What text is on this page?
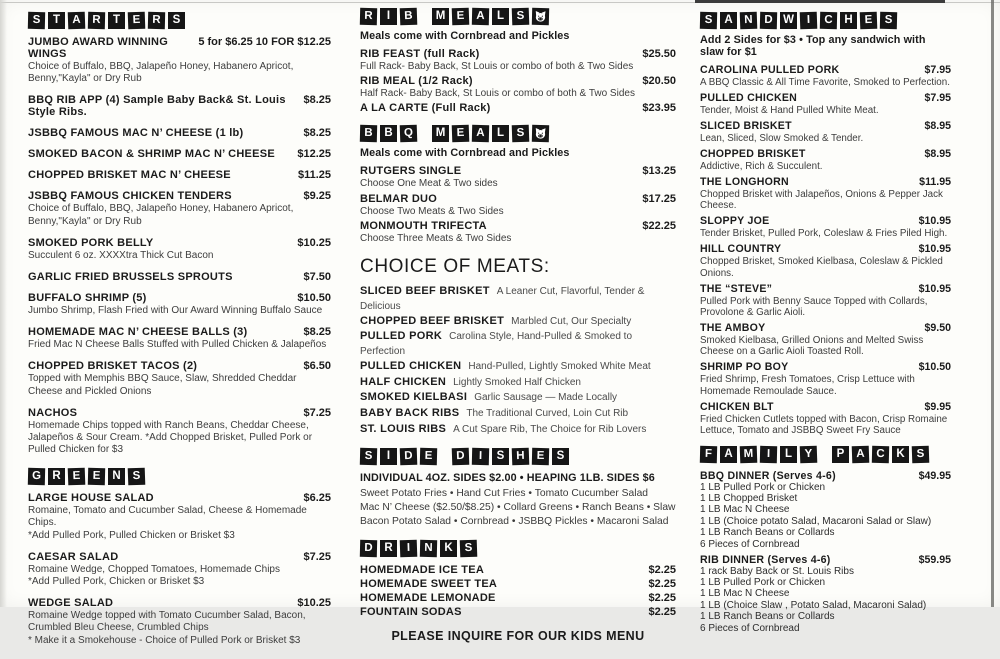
S	T	A R	T	E	R	S
JUMBO AWARD WINNING WINGS
5 for $6.25 10 FOR $12.25
Choice of Buffalo, BBQ, Jalapeño Honey, Habanero Apricot, Benny,"Kayla" or Dry Rub
BBQ RIB APP (4) Sample Baby Back& St. Louis Style Ribs.
$8.25
JSBBQ FAMOUS MAC N’ CHEESE (1 lb)	$8.25
SMOKED BACON & SHRIMP MAC N’ CHEESE $12.25
CHOPPED BRISKET MAC N’ CHEESE	$11.25
JSBBQ FAMOUS CHICKEN TENDERS	$9.25
Choice of Buffalo, BBQ, Jalapeño Honey, Habanero Apricot, Benny,"Kayla" or Dry Rub
SMOKED PORK BELLY	$10.25
Succulent 6 oz. XXXXtra Thick Cut Bacon
GARLIC FRIED BRUSSELS SPROUTS	$7.50
BUFFALO SHRIMP (5)	$10.50
Jumbo Shrimp, Flash Fried with Our Award Winning Buffalo Sauce
HOMEMADE MAC N’ CHEESE BALLS (3)	$8.25
Fried Mac N Cheese Balls Stuffed with Pulled Chicken & Jalapeños
CHOPPED BRISKET TACOS (2)	$6.50
Topped with Memphis BBQ Sauce, Slaw, Shredded Cheddar Cheese and Pickled Onions
NACHOS	$7.25
Homemade Chips topped with Ranch Beans, Cheddar Cheese, Jalapeños & Sour Cream. *Add Chopped Brisket, Pulled Pork or Pulled Chicken for $3
G R	E	E	N	S
LARGE HOUSE SALAD	$6.25
Romaine, Tomato and Cucumber Salad, Cheese & Homemade Chips.
*Add Pulled Pork, Pulled Chicken or Brisket $3
CAESAR SALAD	$7.25
Romaine Wedge, Chopped Tomatoes, Homemade Chips
*Add Pulled Pork, Chicken or Brisket $3
WEDGE SALAD	$10.25
Romaine Wedge topped with Tomato Cucumber Salad, Bacon, Crumbled Bleu Cheese, Crumbled Chips
* Make it a Smokehouse - Choice of Pulled Pork or Brisket $3
R	I	B	M E	A	L	S
Meals come with Cornbread and Pickles
RIB FEAST (full Rack)	$25.50
Full Rack- Baby Back, St Louis or combo of both & Two Sides
RIB MEAL (1/2 Rack)	$20.50
Half Rack- Baby Back, St Louis or combo of both & Two Sides
A LA CARTE (Full Rack)	$23.95
B	B Q	M E	A	L	S
Meals come with Cornbread and Pickles
RUTGERS SINGLE	$13.25
Choose One Meat & Two sides
BELMAR DUO	$17.25
Choose Two Meats & Two Sides
MONMOUTH TRIFECTA	$22.25
Choose Three Meats & Two Sides
CHOICE OF MEATS:
SLICED BEEF BRISKET A Leaner Cut, Flavorful, Tender & Delicious
CHOPPED BEEF BRISKET Marbled Cut, Our Specialty
PULLED PORK Carolina Style, Hand-Pulled & Smoked to Perfection
PULLED CHICKEN Hand-Pulled, Lightly Smoked White Meat
HALF CHICKEN Lightly Smoked Half Chicken
SMOKED KIELBASI Garlic Sausage — Made Locally
BABY BACK RIBS The Traditional Curved, Loin Cut Rib
ST. LOUIS RIBS A Cut Spare Rib, The Choice for Rib Lovers
S	I	D	E	D	I	S	H	E	S
INDIVIDUAL 4OZ. SIDES $2.00 • HEAPING 1LB. SIDES $6
Sweet Potato Fries • Hand Cut Fries • Tomato Cucumber Salad
Mac N’ Cheese ($2.50/$8.25) • Collard Greens • Ranch Beans • Slaw
Bacon Potato Salad • Cornbread • JSBBQ Pickles • Macaroni Salad
D	R	I	N	K	S
HOMEDMADE ICE TEA	$2.25
HOMEMADE SWEET TEA	$2.25
HOMEMADE LEMONADE	$2.25
FOUNTAIN SODAS	$2.25
PLEASE INQUIRE FOR OUR KIDS MENU
S	A N D W	I	C	H	E	S
Add 2 Sides for $3 • Top any sandwich with slaw for $1
CAROLINA PULLED PORK	$7.95
A BBQ Classic & All Time Favorite, Smoked to Perfection.
PULLED CHICKEN	$7.95
Tender, Moist & Hand Pulled White Meat.
SLICED BRISKET	$8.95
Lean, Sliced, Slow Smoked & Tender.
CHOPPED BRISKET	$8.95
Addictive, Rich & Succulent.
THE LONGHORN	$11.95
Chopped Brisket with Jalapeños, Onions & Pepper Jack Cheese.
SLOPPY JOE	$10.95
Tender Brisket, Pulled Pork, Coleslaw & Fries Piled High.
HILL COUNTRY	$10.95
Chopped Brisket, Smoked Kielbasa, Coleslaw & Pickled Onions.
THE “STEVE”	$10.95
Pulled Pork with Benny Sauce Topped with Collards, Provolone & Garlic Aioli.
THE AMBOY	$9.50
Smoked Kielbasa, Grilled Onions and Melted Swiss Cheese on a Garlic Aioli Toasted Roll.
SHRIMP PO BOY	$10.50
Fried Shrimp, Fresh Tomatoes, Crisp Lettuce with Homemade Remoulade Sauce.
CHICKEN BLT	$9.95
Fried Chicken Cutlets topped with Bacon, Crisp Romaine Lettuce, Tomato and JSBBQ Sweet Fry Sauce
F	A M	I	L	Y	P	A C	K	S
BBQ DINNER (Serves 4-6)	$49.95
1 LB Pulled Pork or Chicken
1 LB Chopped Brisket
1 LB Mac N Cheese
1 LB (Choice potato Salad, Macaroni Salad or Slaw)
1 LB Ranch Beans or Collards
6 Pieces of Cornbread
RIB DINNER (Serves 4-6)	$59.95
1 rack Baby Back or St. Louis Ribs
1 LB Pulled Pork or Chicken
1 LB Mac N Cheese
1 LB (Choice Slaw , Potato Salad, Macaroni Salad)
1 LB Ranch Beans or Collards
6 Pieces of Cornbread
